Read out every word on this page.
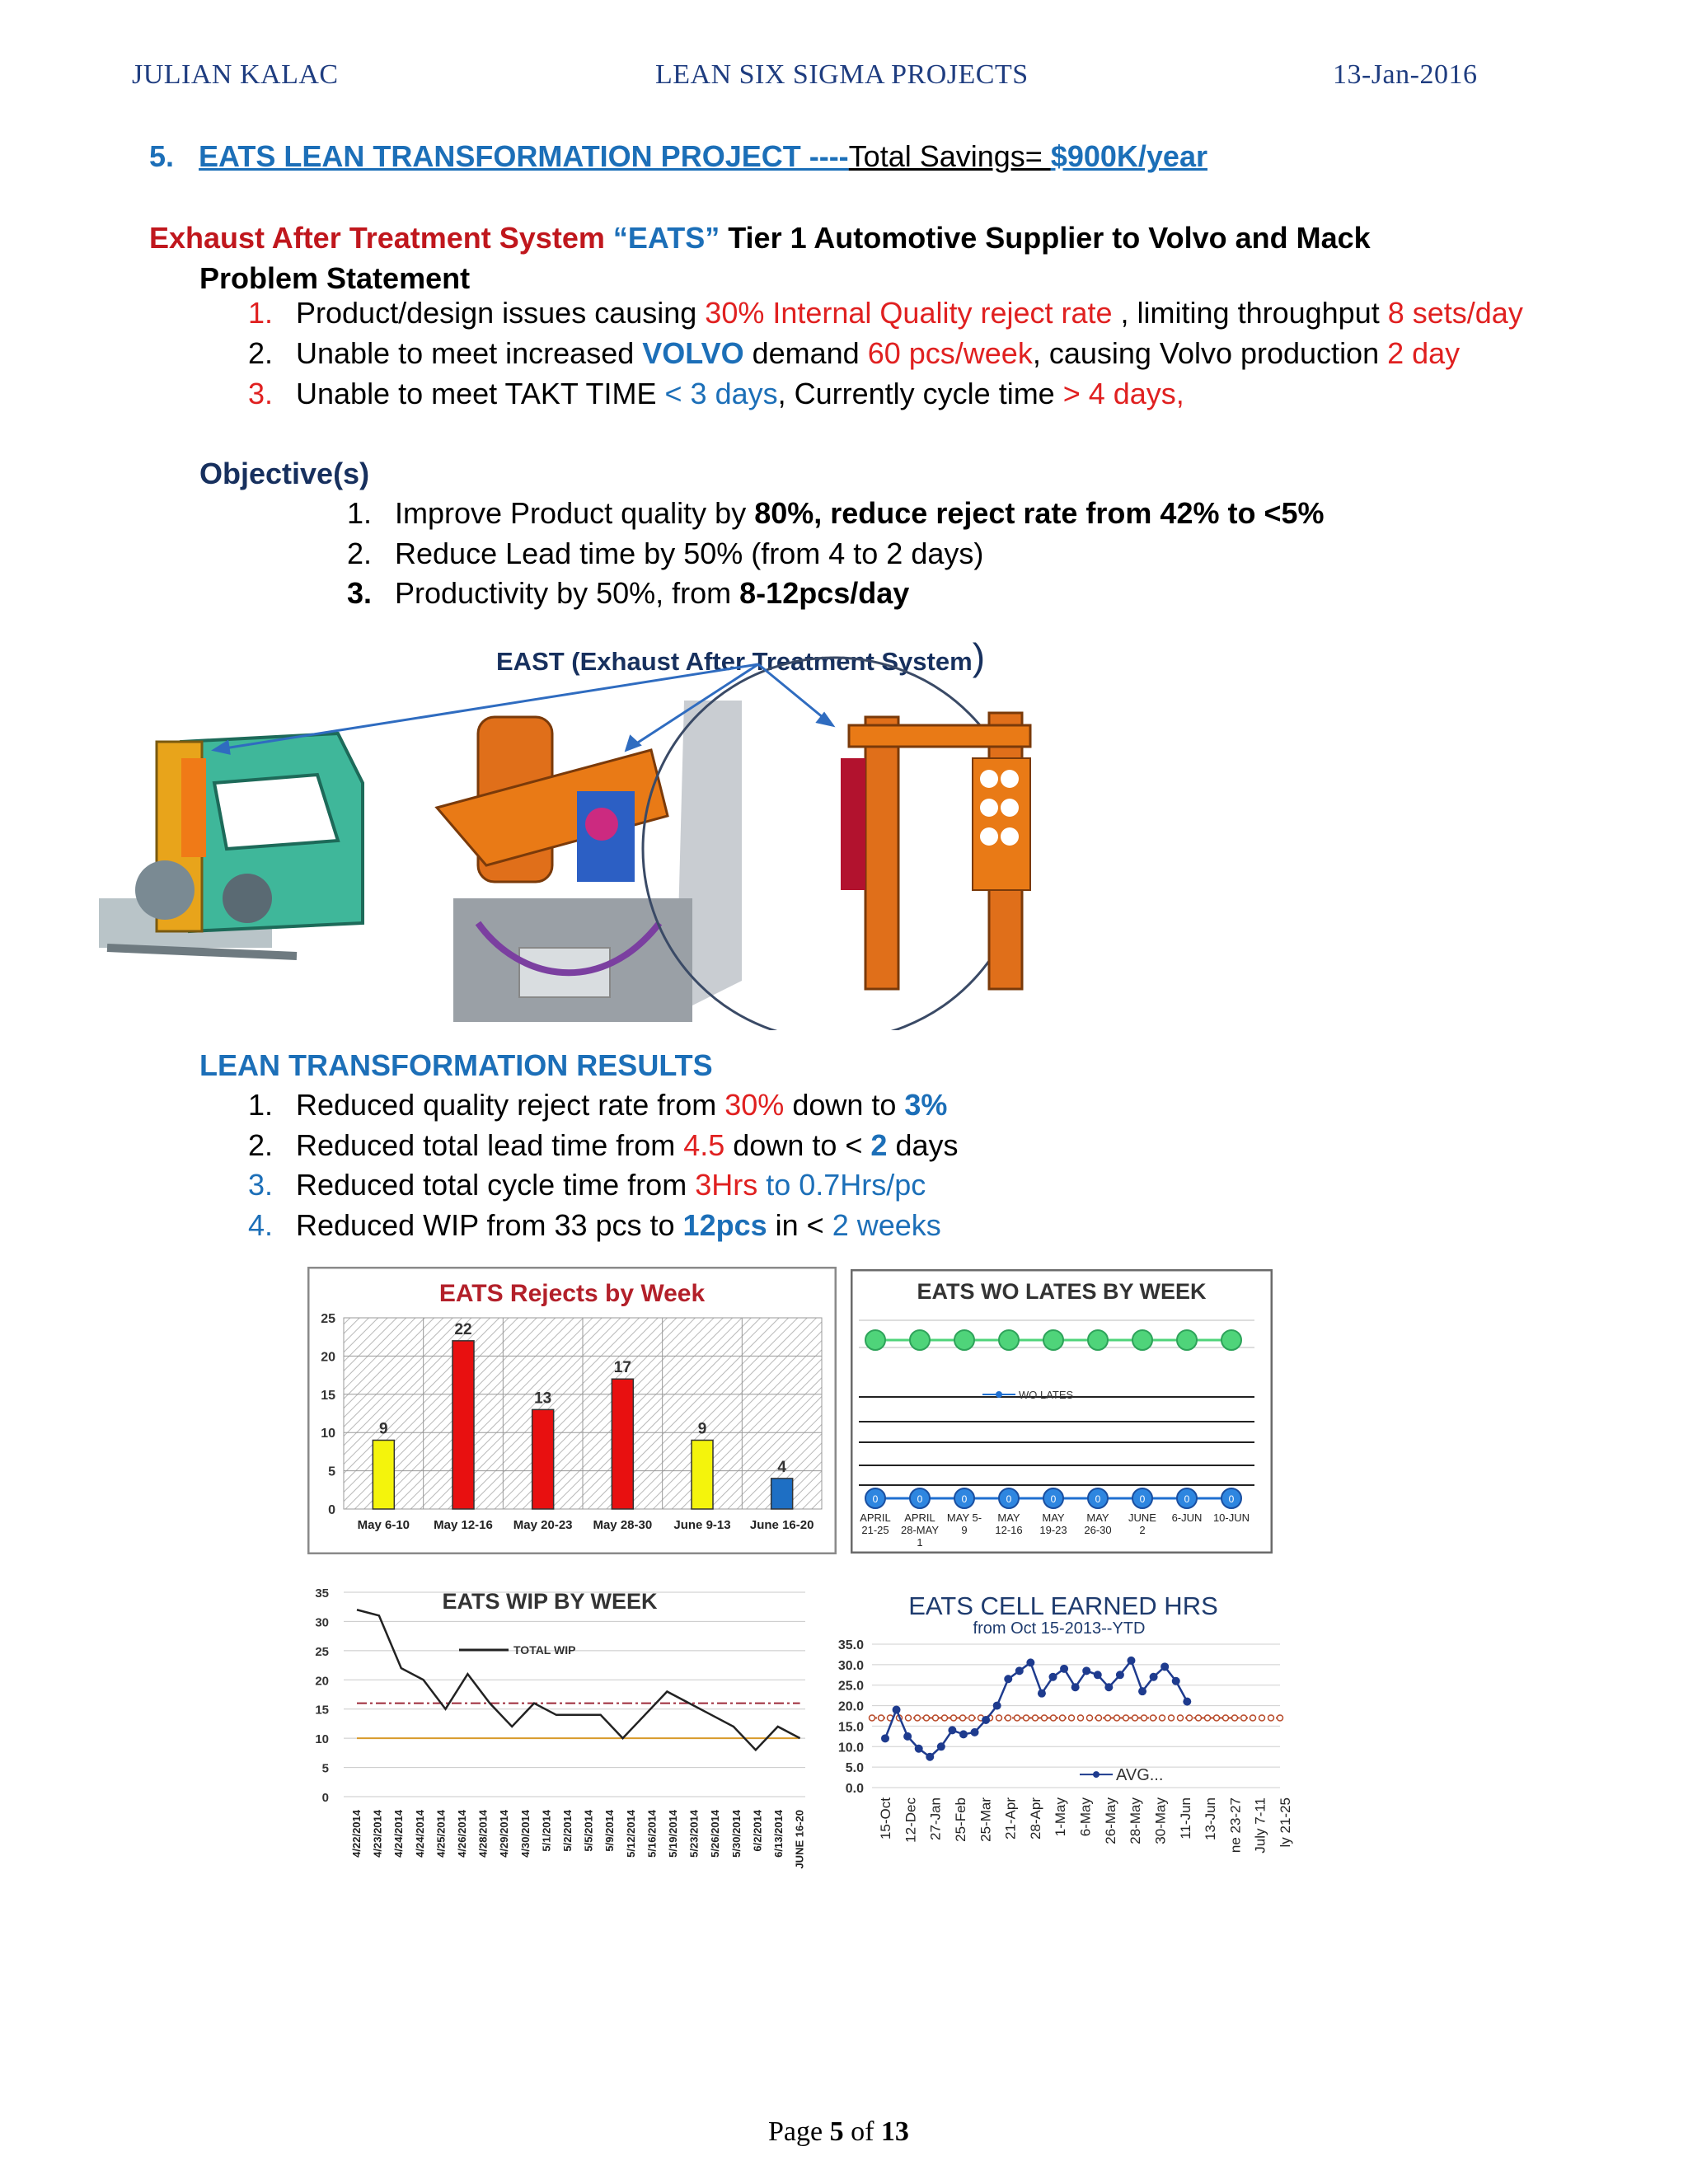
JULIAN KALAC	LEAN SIX SIGMA PROJECTS	13-Jan-2016
5. EATS LEAN TRANSFORMATION PROJECT ----Total Savings= $900K/year
Exhaust After Treatment System “EATS” Tier 1 Automotive Supplier to Volvo and Mack
Problem Statement
1. Product/design issues causing 30% Internal Quality reject rate , limiting throughput 8 sets/day
2. Unable to meet increased VOLVO demand 60 pcs/week, causing Volvo production 2 day
3. Unable to meet TAKT TIME < 3 days, Currently cycle time > 4 days,
Objective(s)
1. Improve Product quality by 80%, reduce reject rate from 42% to <5%
2. Reduce Lead time by 50% (from 4 to 2 days)
3. Productivity by 50%, from 8-12pcs/day
EAST (Exhaust After Treatment System)
LEAN TRANSFORMATION RESULTS
1. Reduced quality reject rate from 30% down to 3%
2. Reduced total lead time from 4.5 down to < 2 days
3. Reduced total cycle time from 3Hrs to 0.7Hrs/pc
4. Reduced WIP from 33 pcs to 12pcs in < 2 weeks
EATS Rejects by Week
0
5
10
15
20
25
9
May 6-10
22
May 12-16
13
May 20-23
17
May 28-30
9
June 9-13
4
June 16-20
EATS WO LATES BY WEEK
0
APRIL
21-25
0
APRIL
28-MAY
1
0
MAY 5-
9
0
MAY
12-16
0
MAY
19-23
0
MAY
26-30
0
JUNE
2
0
6-JUN
0
10-JUN
WO LATES
0
5
10
15
20
25
30
35	EATS WIP BY WEEK
TOTAL WIP
4/22/2014 4/23/2014 4/24/2014 4/24/2014 4/25/2014 4/26/2014 4/28/2014 4/29/2014 4/30/2014 5/1/2014 5/2/2014 5/5/2014 5/9/2014 5/12/2014 5/16/2014 5/19/2014 5/23/2014 5/26/2014 5/30/2014 6/2/2014 6/13/2014 JUNE 16-20
EATS CELL EARNED HRS
from Oct 15-2013--YTD
0.0
5.0
10.0
15.0
20.0
25.0
30.0
35.0
AVG...
15-Oct 12-Dec 27-Jan 25-Feb 25-Mar 21-Apr 28-Apr 1-May 6-May 26-May 28-May 30-May 11-Jun 13-Jun ne 23-27 July 7-11 ly 21-25
Page 5 of 13
